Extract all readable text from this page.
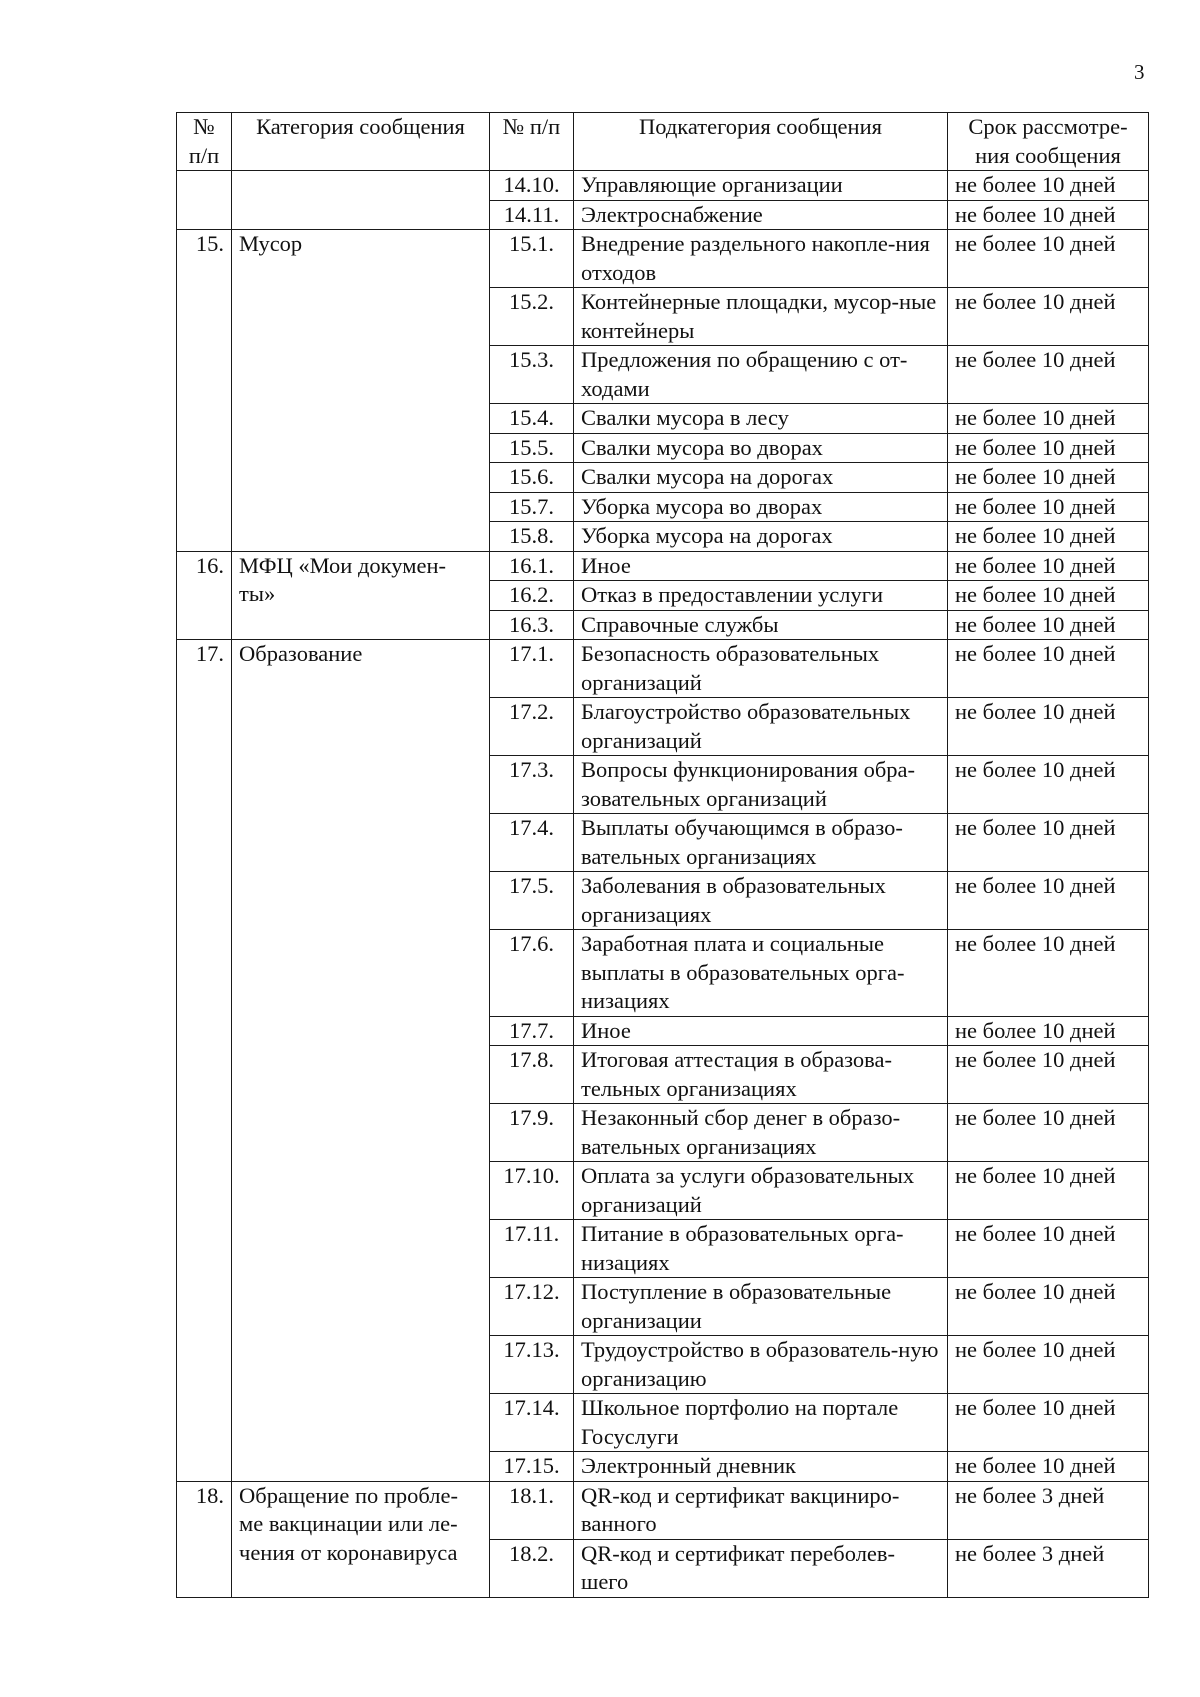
3
№ п/п	Категория сообщения	№ п/п	Подкатегория сообщения	Срок рассмотре-ния сообщения
		14.10.	Управляющие организации	не более 10 дней
		14.11.	Электроснабжение	не более 10 дней
15.	Мусор	15.1.	Внедрение раздельного накопле-ния отходов	не более 10 дней
		15.2.	Контейнерные площадки, мусор-ные контейнеры	не более 10 дней
		15.3.	Предложения по обращению с от-ходами	не более 10 дней
		15.4.	Свалки мусора в лесу	не более 10 дней
		15.5.	Свалки мусора во дворах	не более 10 дней
		15.6.	Свалки мусора на дорогах	не более 10 дней
		15.7.	Уборка мусора во дворах	не более 10 дней
		15.8.	Уборка мусора на дорогах	не более 10 дней
16.	МФЦ «Мои докумен-ты»	16.1.	Иное	не более 10 дней
		16.2.	Отказ в предоставлении услуги	не более 10 дней
		16.3.	Справочные службы	не более 10 дней
17.	Образование	17.1.	Безопасность образовательных организаций	не более 10 дней
		17.2.	Благоустройство образовательных организаций	не более 10 дней
		17.3.	Вопросы функционирования обра-зовательных организаций	не более 10 дней
		17.4.	Выплаты обучающимся в образо-вательных организациях	не более 10 дней
		17.5.	Заболевания в образовательных организациях	не более 10 дней
		17.6.	Заработная плата и социальные выплаты в образовательных орга-низациях	не более 10 дней
		17.7.	Иное	не более 10 дней
		17.8.	Итоговая аттестация в образова-тельных организациях	не более 10 дней
		17.9.	Незаконный сбор денег в образо-вательных организациях	не более 10 дней
		17.10.	Оплата за услуги образовательных организаций	не более 10 дней
		17.11.	Питание в образовательных орга-низациях	не более 10 дней
		17.12.	Поступление в образовательные организации	не более 10 дней
		17.13.	Трудоустройство в образователь-ную организацию	не более 10 дней
		17.14.	Школьное портфолио на портале Госуслуги	не более 10 дней
		17.15.	Электронный дневник	не более 10 дней
18.	Обращение по пробле-ме вакцинации или ле-чения от коронавируса	18.1.	QR-код и сертификат вакциниро-ванного	не более 3 дней
		18.2.	QR-код и сертификат переболев-шего	не более 3 дней
